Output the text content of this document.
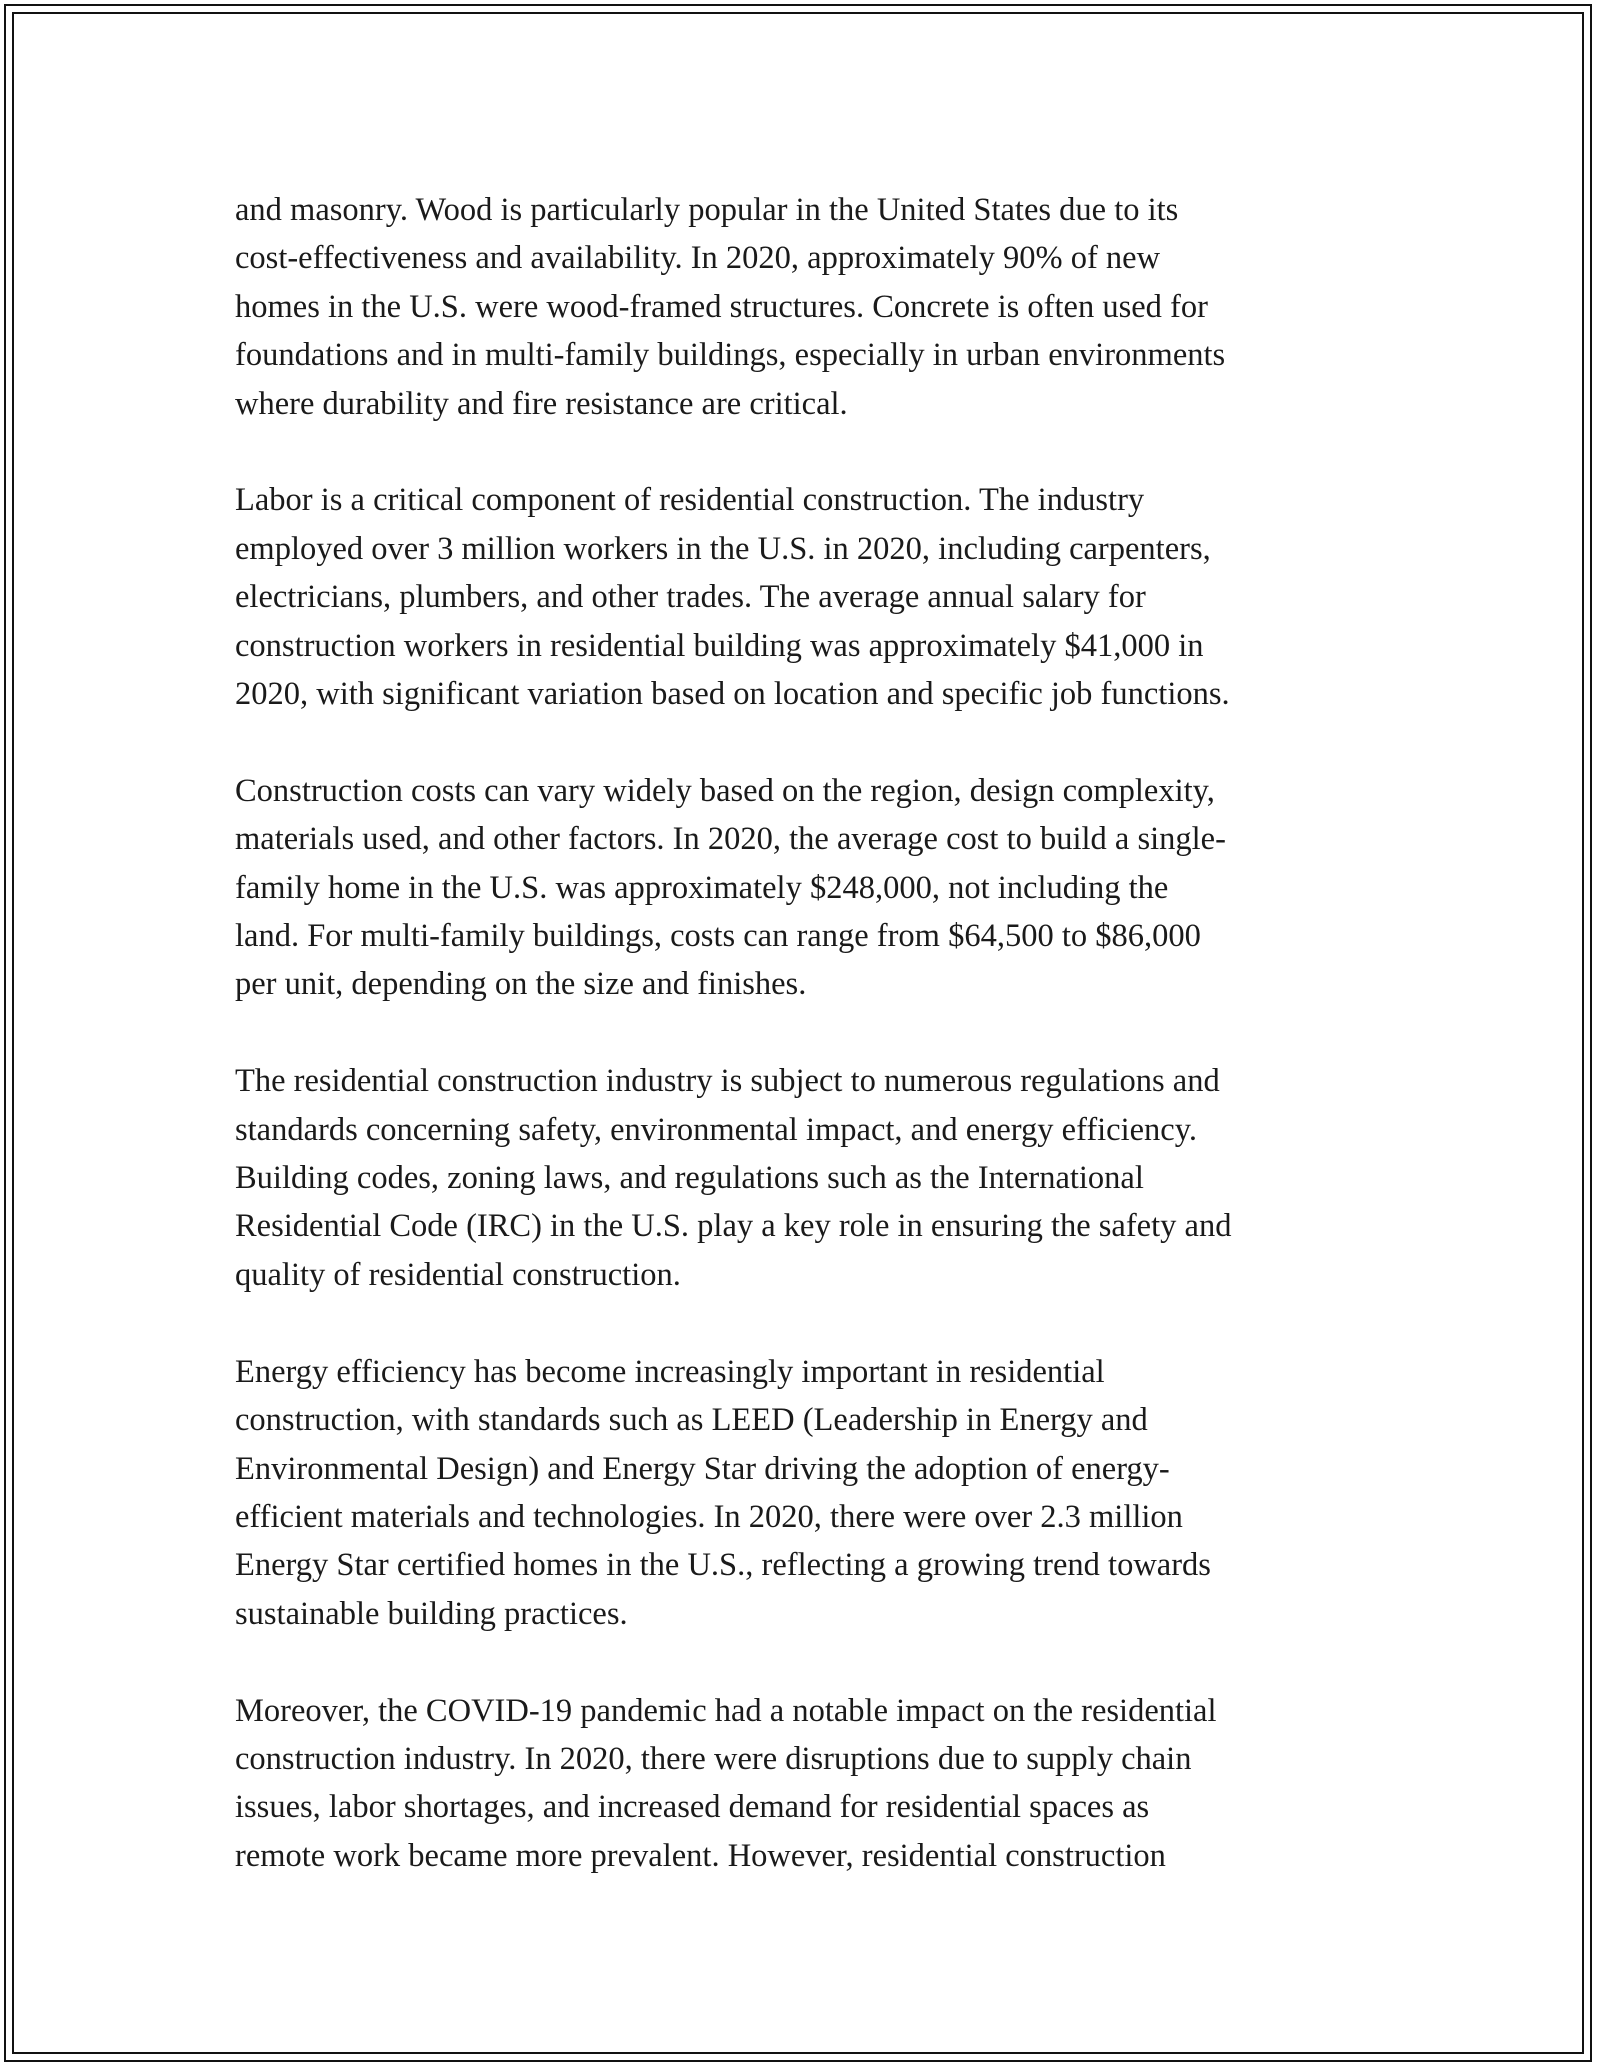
and masonry. Wood is particularly popular in the United States due to its
cost-effectiveness and availability. In 2020, approximately 90% of new
homes in the U.S. were wood-framed structures. Concrete is often used for
foundations and in multi-family buildings, especially in urban environments
where durability and fire resistance are critical.

Labor is a critical component of residential construction. The industry
employed over 3 million workers in the U.S. in 2020, including carpenters,
electricians, plumbers, and other trades. The average annual salary for
construction workers in residential building was approximately $41,000 in
2020, with significant variation based on location and specific job functions.

Construction costs can vary widely based on the region, design complexity,
materials used, and other factors. In 2020, the average cost to build a single-
family home in the U.S. was approximately $248,000, not including the
land. For multi-family buildings, costs can range from $64,500 to $86,000
per unit, depending on the size and finishes.

The residential construction industry is subject to numerous regulations and
standards concerning safety, environmental impact, and energy efficiency.
Building codes, zoning laws, and regulations such as the International
Residential Code (IRC) in the U.S. play a key role in ensuring the safety and
quality of residential construction.

Energy efficiency has become increasingly important in residential
construction, with standards such as LEED (Leadership in Energy and
Environmental Design) and Energy Star driving the adoption of energy-
efficient materials and technologies. In 2020, there were over 2.3 million
Energy Star certified homes in the U.S., reflecting a growing trend towards
sustainable building practices.

Moreover, the COVID-19 pandemic had a notable impact on the residential
construction industry. In 2020, there were disruptions due to supply chain
issues, labor shortages, and increased demand for residential spaces as
remote work became more prevalent. However, residential construction
